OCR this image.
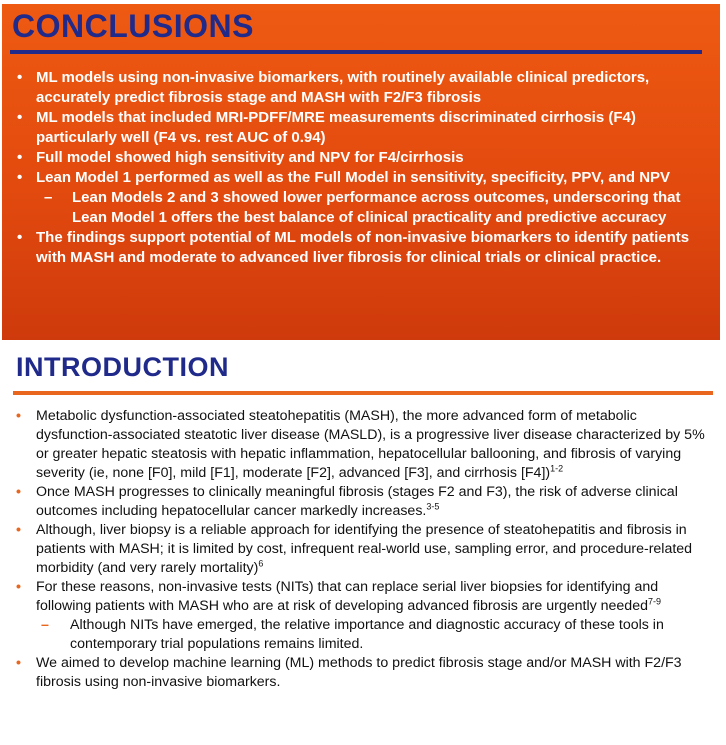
CONCLUSIONS
• ML models using non-invasive biomarkers, with routinely available clinical predictors, accurately predict fibrosis stage and MASH with F2/F3 fibrosis
• ML models that included MRI-PDFF/MRE measurements discriminated cirrhosis (F4) particularly well (F4 vs. rest AUC of 0.94)
• Full model showed high sensitivity and NPV for F4/cirrhosis
• Lean Model 1 performed as well as the Full Model in sensitivity, specificity, PPV, and NPV
– Lean Models 2 and 3 showed lower performance across outcomes, underscoring that Lean Model 1 offers the best balance of clinical practicality and predictive accuracy
• The findings support potential of ML models of non-invasive biomarkers to identify patients with MASH and moderate to advanced liver fibrosis for clinical trials or clinical practice.
INTRODUCTION
• Metabolic dysfunction-associated steatohepatitis (MASH), the more advanced form of metabolic dysfunction-associated steatotic liver disease (MASLD), is a progressive liver disease characterized by 5% or greater hepatic steatosis with hepatic inflammation, hepatocellular ballooning, and fibrosis of varying severity (ie, none [F0], mild [F1], moderate [F2], advanced [F3], and cirrhosis [F4])$^{1-2}$
• Once MASH progresses to clinically meaningful fibrosis (stages F2 and F3), the risk of adverse clinical outcomes including hepatocellular cancer markedly increases.$^{3-5}$
• Although, liver biopsy is a reliable approach for identifying the presence of steatohepatitis and fibrosis in patients with MASH; it is limited by cost, infrequent real-world use, sampling error, and procedure-related morbidity (and very rarely mortality)$^6$
• For these reasons, non-invasive tests (NITs) that can replace serial liver biopsies for identifying and following patients with MASH who are at risk of developing advanced fibrosis are urgently needed$^{7-9}$
– Although NITs have emerged, the relative importance and diagnostic accuracy of these tools in contemporary trial populations remains limited.
• We aimed to develop machine learning (ML) methods to predict fibrosis stage and/or MASH with F2/F3 fibrosis using non-invasive biomarkers.
